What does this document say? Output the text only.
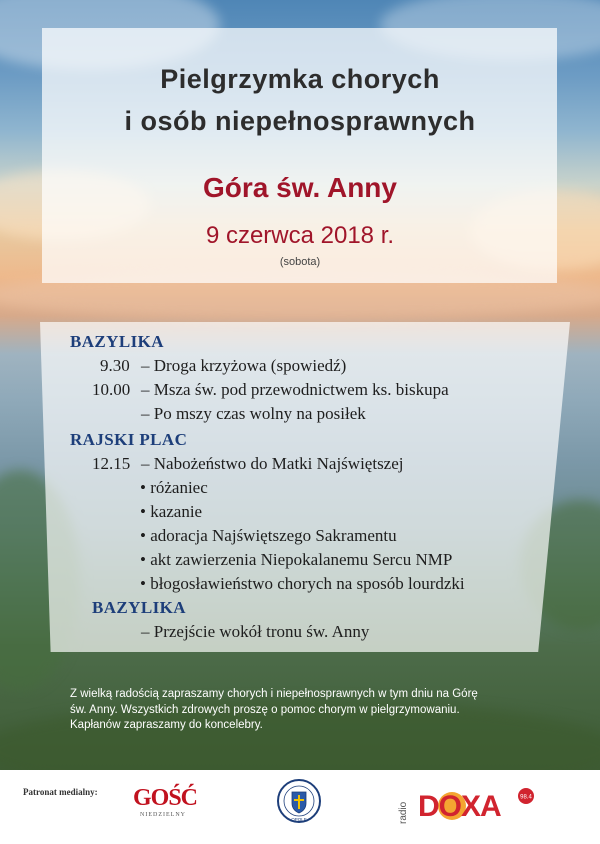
Pielgrzymka chorych
i osób niepełnosprawnych
Góra św. Anny
9 czerwca 2018 r.
(sobota)
BAZYLIKA
9.30 – Droga krzyżowa (spowiedź)
10.00 – Msza św. pod przewodnictwem ks. biskupa
– Po mszy czas wolny na posiłek
RAJSKI PLAC
12.15 – Nabożeństwo do Matki Najświętszej
• różaniec
• kazanie
• adoracja Najświętszego Sakramentu
• akt zawierzenia Niepokalanemu Sercu NMP
• błogosławieństwo chorych na sposób lourdzki
BAZYLIKA
– Przejście wokół tronu św. Anny
Z wielką radością zapraszamy chorych i niepełnosprawnych w tym dniu na Górę
św. Anny. Wszystkich zdrowych proszę o pomoc chorym w pielgrzymowaniu.
Kapłanów zapraszamy do koncelebry.
Patronat medialny: GOŚĆ
NIEDZIELNY
OPOLE	radio DOXA	98.4
